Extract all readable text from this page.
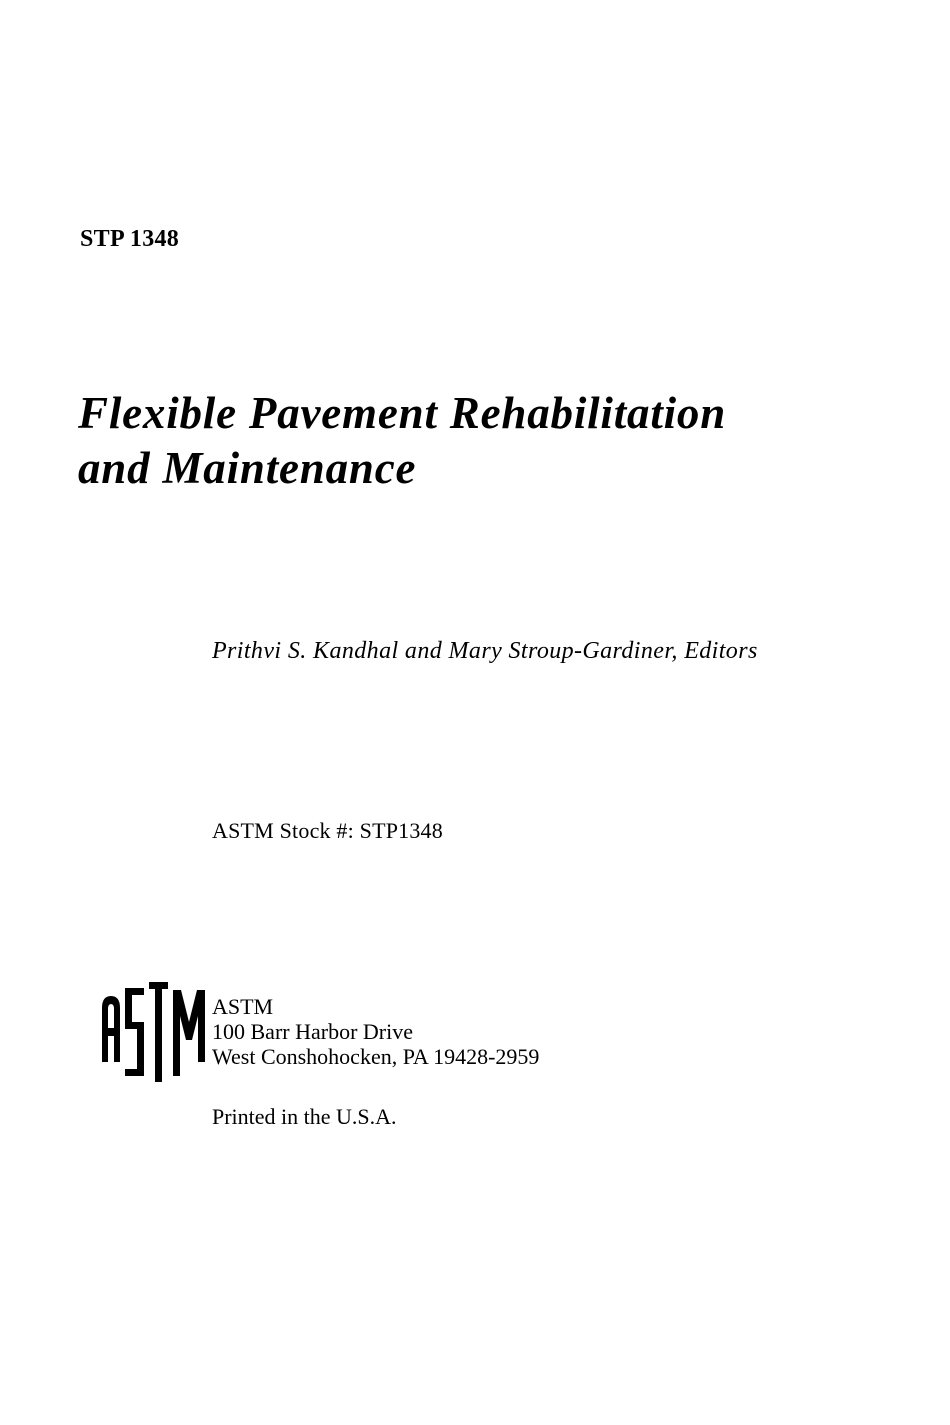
STP 1348
Flexible Pavement Rehabilitation
and Maintenance
Prithvi S. Kandhal and Mary Stroup-Gardiner, Editors
ASTM Stock #: STP1348
ASTM
100 Barr Harbor Drive
West Conshohocken, PA 19428-2959
Printed in the U.S.A.
